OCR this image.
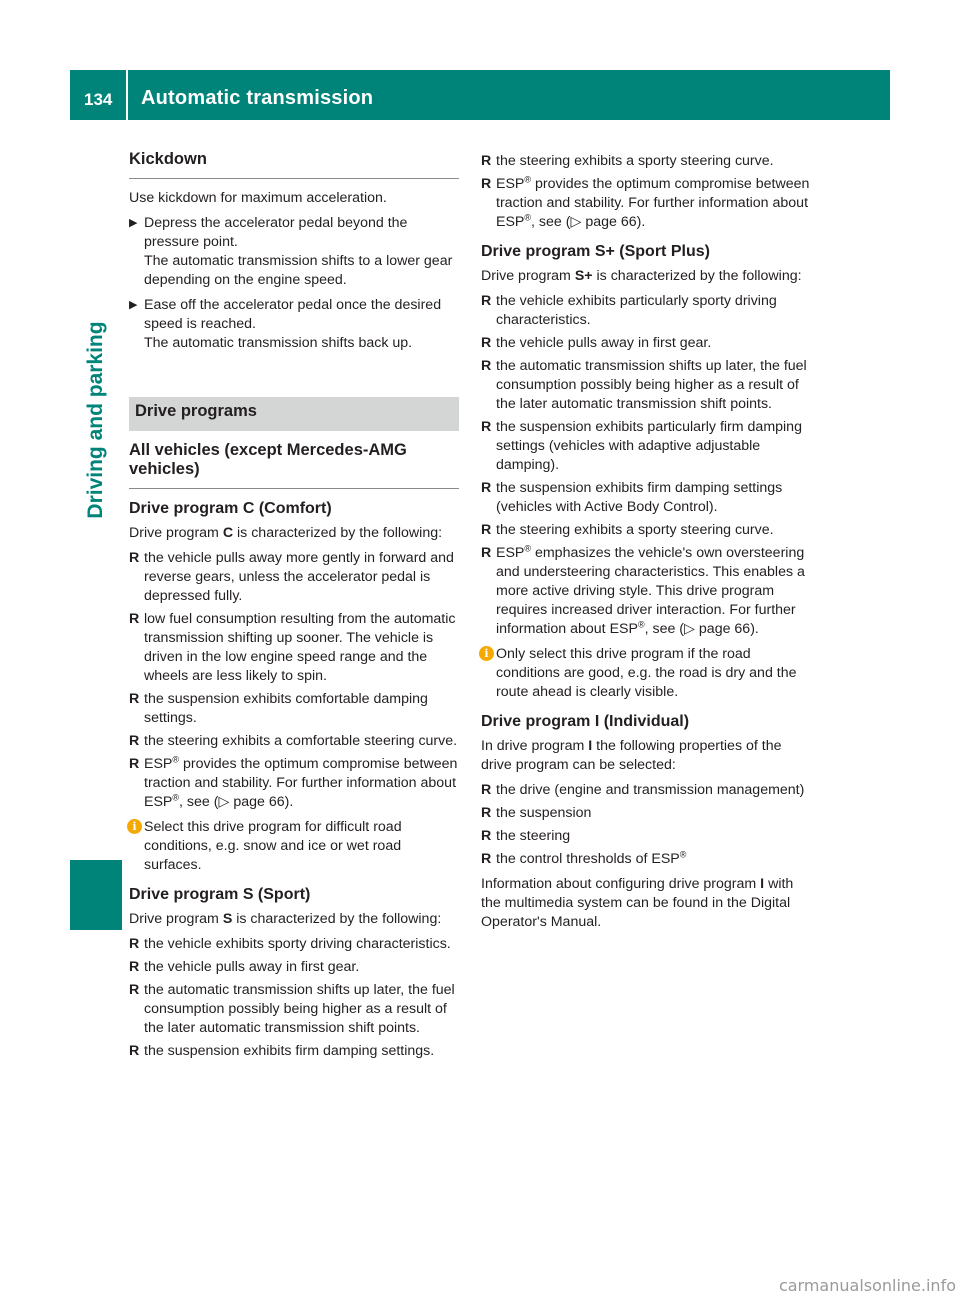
134 Automatic transmission
Driving and parking
Kickdown

Use kickdown for maximum acceleration.

▶ Depress the accelerator pedal beyond the pressure point.
The automatic transmission shifts to a lower gear depending on the engine speed.
▶ Ease off the accelerator pedal once the desired speed is reached.
The automatic transmission shifts back up.
Drive programs
All vehicles (except Mercedes-AMG vehicles)
Drive program C (Comfort)

Drive program C is characterized by the following:

R the vehicle pulls away more gently in forward and reverse gears, unless the accelerator pedal is depressed fully.
R low fuel consumption resulting from the automatic transmission shifting up sooner. The vehicle is driven in the low engine speed range and the wheels are less likely to spin.
R the suspension exhibits comfortable damping settings.
R the steering exhibits a comfortable steering curve.
R ESP® provides the optimum compromise between traction and stability. For further information about ESP®, see (▷ page 66).
i Select this drive program for difficult road conditions, e.g. snow and ice or wet road surfaces.
Drive program S (Sport)

Drive program S is characterized by the following:

R the vehicle exhibits sporty driving characteristics.
R the vehicle pulls away in first gear.
R the automatic transmission shifts up later, the fuel consumption possibly being higher as a result of the later automatic transmission shift points.
R the suspension exhibits firm damping settings.
R the steering exhibits a sporty steering curve.
R ESP® provides the optimum compromise between traction and stability. For further information about ESP®, see (▷ page 66).
Drive program S+ (Sport Plus)

Drive program S+ is characterized by the following:

R the vehicle exhibits particularly sporty driving characteristics.
R the vehicle pulls away in first gear.
R the automatic transmission shifts up later, the fuel consumption possibly being higher as a result of the later automatic transmission shift points.
R the suspension exhibits particularly firm damping settings (vehicles with adaptive adjustable damping).
R the suspension exhibits firm damping settings (vehicles with Active Body Control).
R the steering exhibits a sporty steering curve.
R ESP® emphasizes the vehicle's own oversteering and understeering characteristics. This enables a more active driving style. This drive program requires increased driver interaction. For further information about ESP®, see (▷ page 66).
i Only select this drive program if the road conditions are good, e.g. the road is dry and the route ahead is clearly visible.
Drive program I (Individual)

In drive program I the following properties of the drive program can be selected:

R the drive (engine and transmission management)
R the suspension
R the steering
R the control thresholds of ESP®

Information about configuring drive program I with the multimedia system can be found in the Digital Operator's Manual.

carmanualsonline.info
